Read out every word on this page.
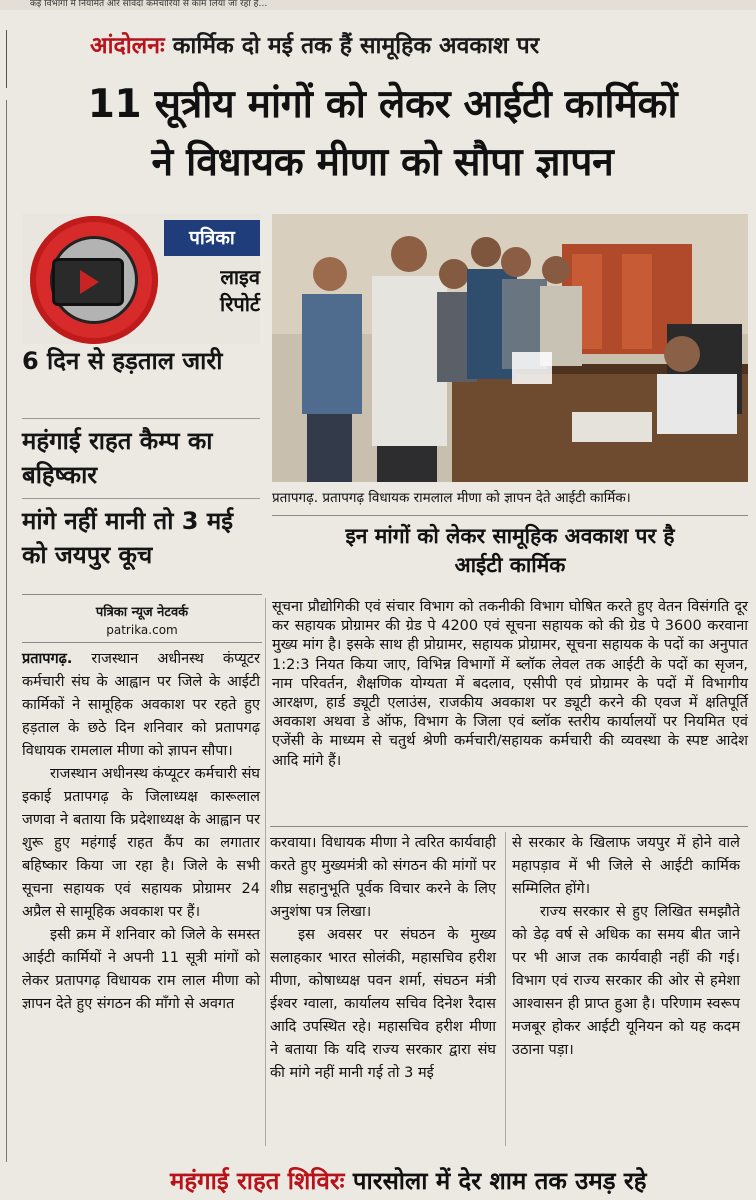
कई विभागों में नियमित और संविदा कर्मचारियों से काम लिया जा रहा है…
आंदोलनः कार्मिक दो मई तक हैं सामूहिक अवकाश पर
11 सूत्रीय मांगों को लेकर आईटी कार्मिकों
ने विधायक मीणा को सौपा ज्ञापन
पत्रिका
लाइव
रिपोर्ट
प्रतापगढ़. प्रतापगढ़ विधायक रामलाल मीणा को ज्ञापन देते आईटी कार्मिक।
इन मांगों को लेकर सामूहिक अवकाश पर है
आईटी कार्मिक
सूचना प्रौद्योगिकी एवं संचार विभाग को तकनीकी विभाग घोषित करते हुए वेतन विसंगति दूर कर सहायक प्रोग्रामर की ग्रेड पे 4200 एवं सूचना सहायक को की ग्रेड पे 3600 करवाना मुख्य मांग है। इसके साथ ही प्रोग्रामर, सहायक प्रोग्रामर, सूचना सहायक के पदों का अनुपात 1:2:3 नियत किया जाए, विभिन्न विभागों में ब्लॉक लेवल तक आईटी के पदों का सृजन, नाम परिवर्तन, शैक्षणिक योग्यता में बदलाव, एसीपी एवं प्रोग्रामर के पदों में विभागीय आरक्षण, हार्ड ड्यूटी एलाउंस, राजकीय अवकाश पर ड्यूटी करने की एवज में क्षतिपूर्ति अवकाश अथवा डे ऑफ, विभाग के जिला एवं ब्लॉक स्तरीय कार्यालयों पर नियमित एवं एजेंसी के माध्यम से चतुर्थ श्रेणी कर्मचारी/सहायक कर्मचारी की व्यवस्था के स्पष्ट आदेश आदि मांगे हैं।
6 दिन से हड़ताल जारी
महंगाई राहत कैम्प का बहिष्कार
मांगे नहीं मानी तो 3 मई को जयपुर कूच
पत्रिका न्यूज नेटवर्क
patrika.com

प्रतापगढ़. राजस्थान अधीनस्थ कंप्यूटर कर्मचारी संघ के आह्वान पर जिले के आईटी कार्मिकों ने सामूहिक अवकाश पर रहते हुए हड़ताल के छठे दिन शनिवार को प्रतापगढ़ विधायक रामलाल मीणा को ज्ञापन सौपा।

राजस्थान अधीनस्थ कंप्यूटर कर्मचारी संघ इकाई प्रतापगढ़ के जिलाध्यक्ष कारूलाल जणवा ने बताया कि प्रदेशाध्यक्ष के आह्वान पर शुरू हुए महंगाई राहत कैंप का लगातार बहिष्कार किया जा रहा है। जिले के सभी सूचना सहायक एवं सहायक प्रोग्रामर 24 अप्रैल से सामूहिक अवकाश पर हैं।

इसी क्रम में शनिवार को जिले के समस्त आईटी कार्मियों ने अपनी 11 सूत्री मांगों को लेकर प्रतापगढ़ विधायक राम लाल मीणा को ज्ञापन देते हुए संगठन की माँगो से अवगत

करवाया। विधायक मीणा ने त्वरित कार्यवाही करते हुए मुख्यमंत्री को संगठन की मांगों पर शीघ्र सहानुभूति पूर्वक विचार करने के लिए अनुशंषा पत्र लिखा।

इस अवसर पर संघठन के मुख्य सलाहकार भारत सोलंकी, महासचिव हरीश मीणा, कोषाध्यक्ष पवन शर्मा, संघठन मंत्री ईश्वर ग्वाला, कार्यालय सचिव दिनेश रैदास आदि उपस्थित रहे। महासचिव हरीश मीणा ने बताया कि यदि राज्य सरकार द्वारा संघ की मांगे नहीं मानी गई तो 3 मई

से सरकार के खिलाफ जयपुर में होने वाले महापड़ाव में भी जिले से आईटी कार्मिक सम्मिलित होंगे।

राज्य सरकार से हुए लिखित समझौते को डेढ़ वर्ष से अधिक का समय बीत जाने पर भी आज तक कार्यवाही नहीं की गई। विभाग एवं राज्य सरकार की ओर से हमेशा आश्वासन ही प्राप्त हुआ है। परिणाम स्वरूप मजबूर होकर आईटी यूनियन को यह कदम उठाना पड़ा।

महंगाई राहत शिविरः पारसोला में देर शाम तक उमड़ रहे
